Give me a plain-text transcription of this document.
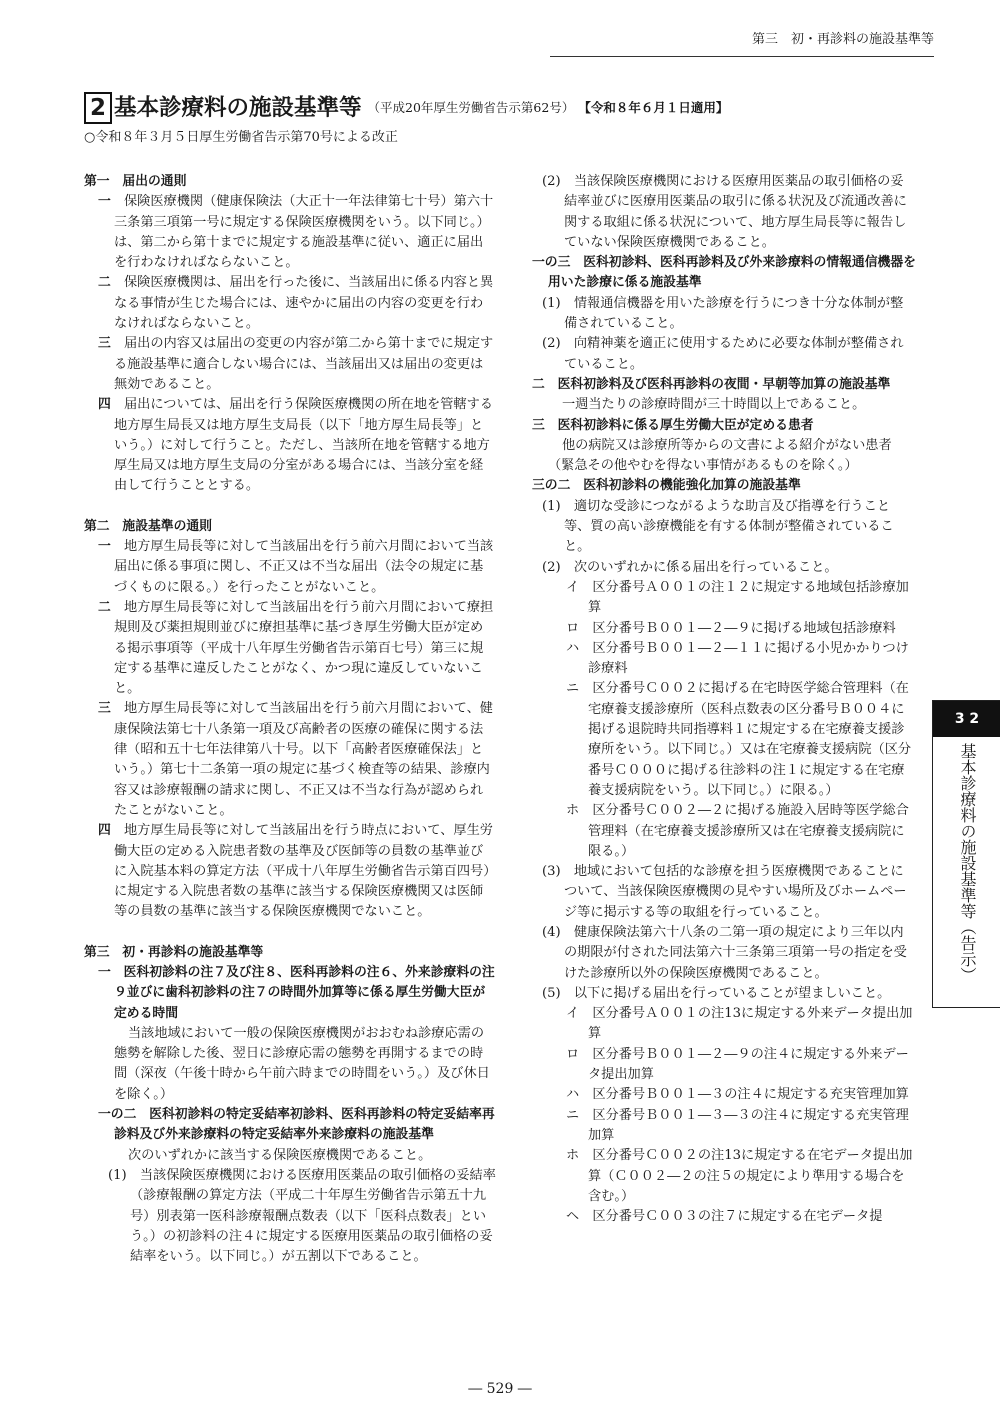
第三　初・再診料の施設基準等
2 基本診療料の施設基準等 （平成20年厚生労働省告示第62号） 【令和８年６月１日適用】
○令和８年３月５日厚生労働省告示第70号による改正

第一　届出の通則

一　 保険医療機関（健康保険法（大正十一年法律第七十号）第六十三条第三項第一号に規定する保険医療機関をいう。以下同じ。）は、第二から第十までに規定する施設基準に従い、適正に届出を行わなければならないこと。

二　 保険医療機関は、届出を行った後に、当該届出に係る内容と異なる事情が生じた場合には、速やかに届出の内容の変更を行わなければならないこと。

三　 届出の内容又は届出の変更の内容が第二から第十までに規定する施設基準に適合しない場合には、当該届出又は届出の変更は無効であること。

四　 届出については、届出を行う保険医療機関の所在地を管轄する地方厚生局長又は地方厚生支局長（以下「地方厚生局長等」という。）に対して行うこと。ただし、当該所在地を管轄する地方厚生局又は地方厚生支局の分室がある場合には、当該分室を経由して行うこととする。

第二　施設基準の通則

一　 地方厚生局長等に対して当該届出を行う前六月間において当該届出に係る事項に関し、不正又は不当な届出（法令の規定に基づくものに限る。）を行ったことがないこと。

二　 地方厚生局長等に対して当該届出を行う前六月間において療担規則及び薬担規則並びに療担基準に基づき厚生労働大臣が定める掲示事項等（平成十八年厚生労働省告示第百七号）第三に規定する基準に違反したことがなく、かつ現に違反していないこと。

三　 地方厚生局長等に対して当該届出を行う前六月間において、健康保険法第七十八条第一項及び高齢者の医療の確保に関する法律（昭和五十七年法律第八十号。以下「高齢者医療確保法」という。）第七十二条第一項の規定に基づく検査等の結果、診療内容又は診療報酬の請求に関し、不正又は不当な行為が認められたことがないこと。

四　 地方厚生局長等に対して当該届出を行う時点において、厚生労働大臣の定める入院患者数の基準及び医師等の員数の基準並びに入院基本料の算定方法（平成十八年厚生労働省告示第百四号）に規定する入院患者数の基準に該当する保険医療機関又は医師等の員数の基準に該当する保険医療機関でないこと。

第三　初・再診料の施設基準等

一　医科初診料の注７及び注８、医科再診料の注６、外来診療料の注９並びに歯科初診料の注７の時間外加算等に係る厚生労働大臣が定める時間

当該地域において一般の保険医療機関がおおむね診療応需の態勢を解除した後、翌日に診療応需の態勢を再開するまでの時間（深夜（午後十時から午前六時までの時間をいう。）及び休日を除く。）

一の二　医科初診料の特定妥結率初診料、医科再診料の特定妥結率再診料及び外来診療料の特定妥結率外来診療料の施設基準

次のいずれかに該当する保険医療機関であること。

(1)　当該保険医療機関における医療用医薬品の取引価格の妥結率（診療報酬の算定方法（平成二十年厚生労働省告示第五十九号）別表第一医科診療報酬点数表（以下「医科点数表」という。）の初診料の注４に規定する医療用医薬品の取引価格の妥結率をいう。以下同じ。）が五割以下であること。

(2)　当該保険医療機関における医療用医薬品の取引価格の妥結率並びに医療用医薬品の取引に係る状況及び流通改善に関する取組に係る状況について、地方厚生局長等に報告していない保険医療機関であること。

一の三　医科初診料、医科再診料及び外来診療料の情報通信機器を用いた診療に係る施設基準

(1)　情報通信機器を用いた診療を行うにつき十分な体制が整備されていること。

(2)　向精神薬を適正に使用するために必要な体制が整備されていること。

二　医科初診料及び医科再診料の夜間・早朝等加算の施設基準

一週当たりの診療時間が三十時間以上であること。

三　医科初診料に係る厚生労働大臣が定める患者

他の病院又は診療所等からの文書による紹介がない患者（緊急その他やむを得ない事情があるものを除く。）

三の二　医科初診料の機能強化加算の施設基準

(1)　適切な受診につながるような助言及び指導を行うこと等、質の高い診療機能を有する体制が整備されていること。

(2)　次のいずれかに係る届出を行っていること。

イ　区分番号Ａ００１の注１２に規定する地域包括診療加算

ロ　区分番号Ｂ００１―２―９に掲げる地域包括診療料

ハ　区分番号Ｂ００１―２―１１に掲げる小児かかりつけ診療料

ニ　区分番号Ｃ００２に掲げる在宅時医学総合管理料（在宅療養支援診療所（医科点数表の区分番号Ｂ００４に掲げる退院時共同指導料１に規定する在宅療養支援診療所をいう。以下同じ。）又は在宅療養支援病院（区分番号Ｃ０００に掲げる往診料の注１に規定する在宅療養支援病院をいう。以下同じ。）に限る。）

ホ　区分番号Ｃ００２―２に掲げる施設入居時等医学総合管理料（在宅療養支援診療所又は在宅療養支援病院に限る。）

(3)　地域において包括的な診療を担う医療機関であることについて、当該保険医療機関の見やすい場所及びホームページ等に掲示する等の取組を行っていること。

(4)　健康保険法第六十八条の二第一項の規定により三年以内の期限が付された同法第六十三条第三項第一号の指定を受けた診療所以外の保険医療機関であること。

(5)　以下に掲げる届出を行っていることが望ましいこと。

イ　区分番号Ａ００１の注13に規定する外来データ提出加算

ロ　区分番号Ｂ００１―２―９の注４に規定する外来データ提出加算

ハ　区分番号Ｂ００１―３の注４に規定する充実管理加算

ニ　区分番号Ｂ００１―３―３の注４に規定する充実管理加算

ホ　区分番号Ｃ００２の注13に規定する在宅データ提出加算（Ｃ００２―２の注５の規定により準用する場合を含む。）

ヘ　区分番号Ｃ００３の注７に規定する在宅データ提

3 2
基本診療料の施設基準等（告示）
― 529 ―
